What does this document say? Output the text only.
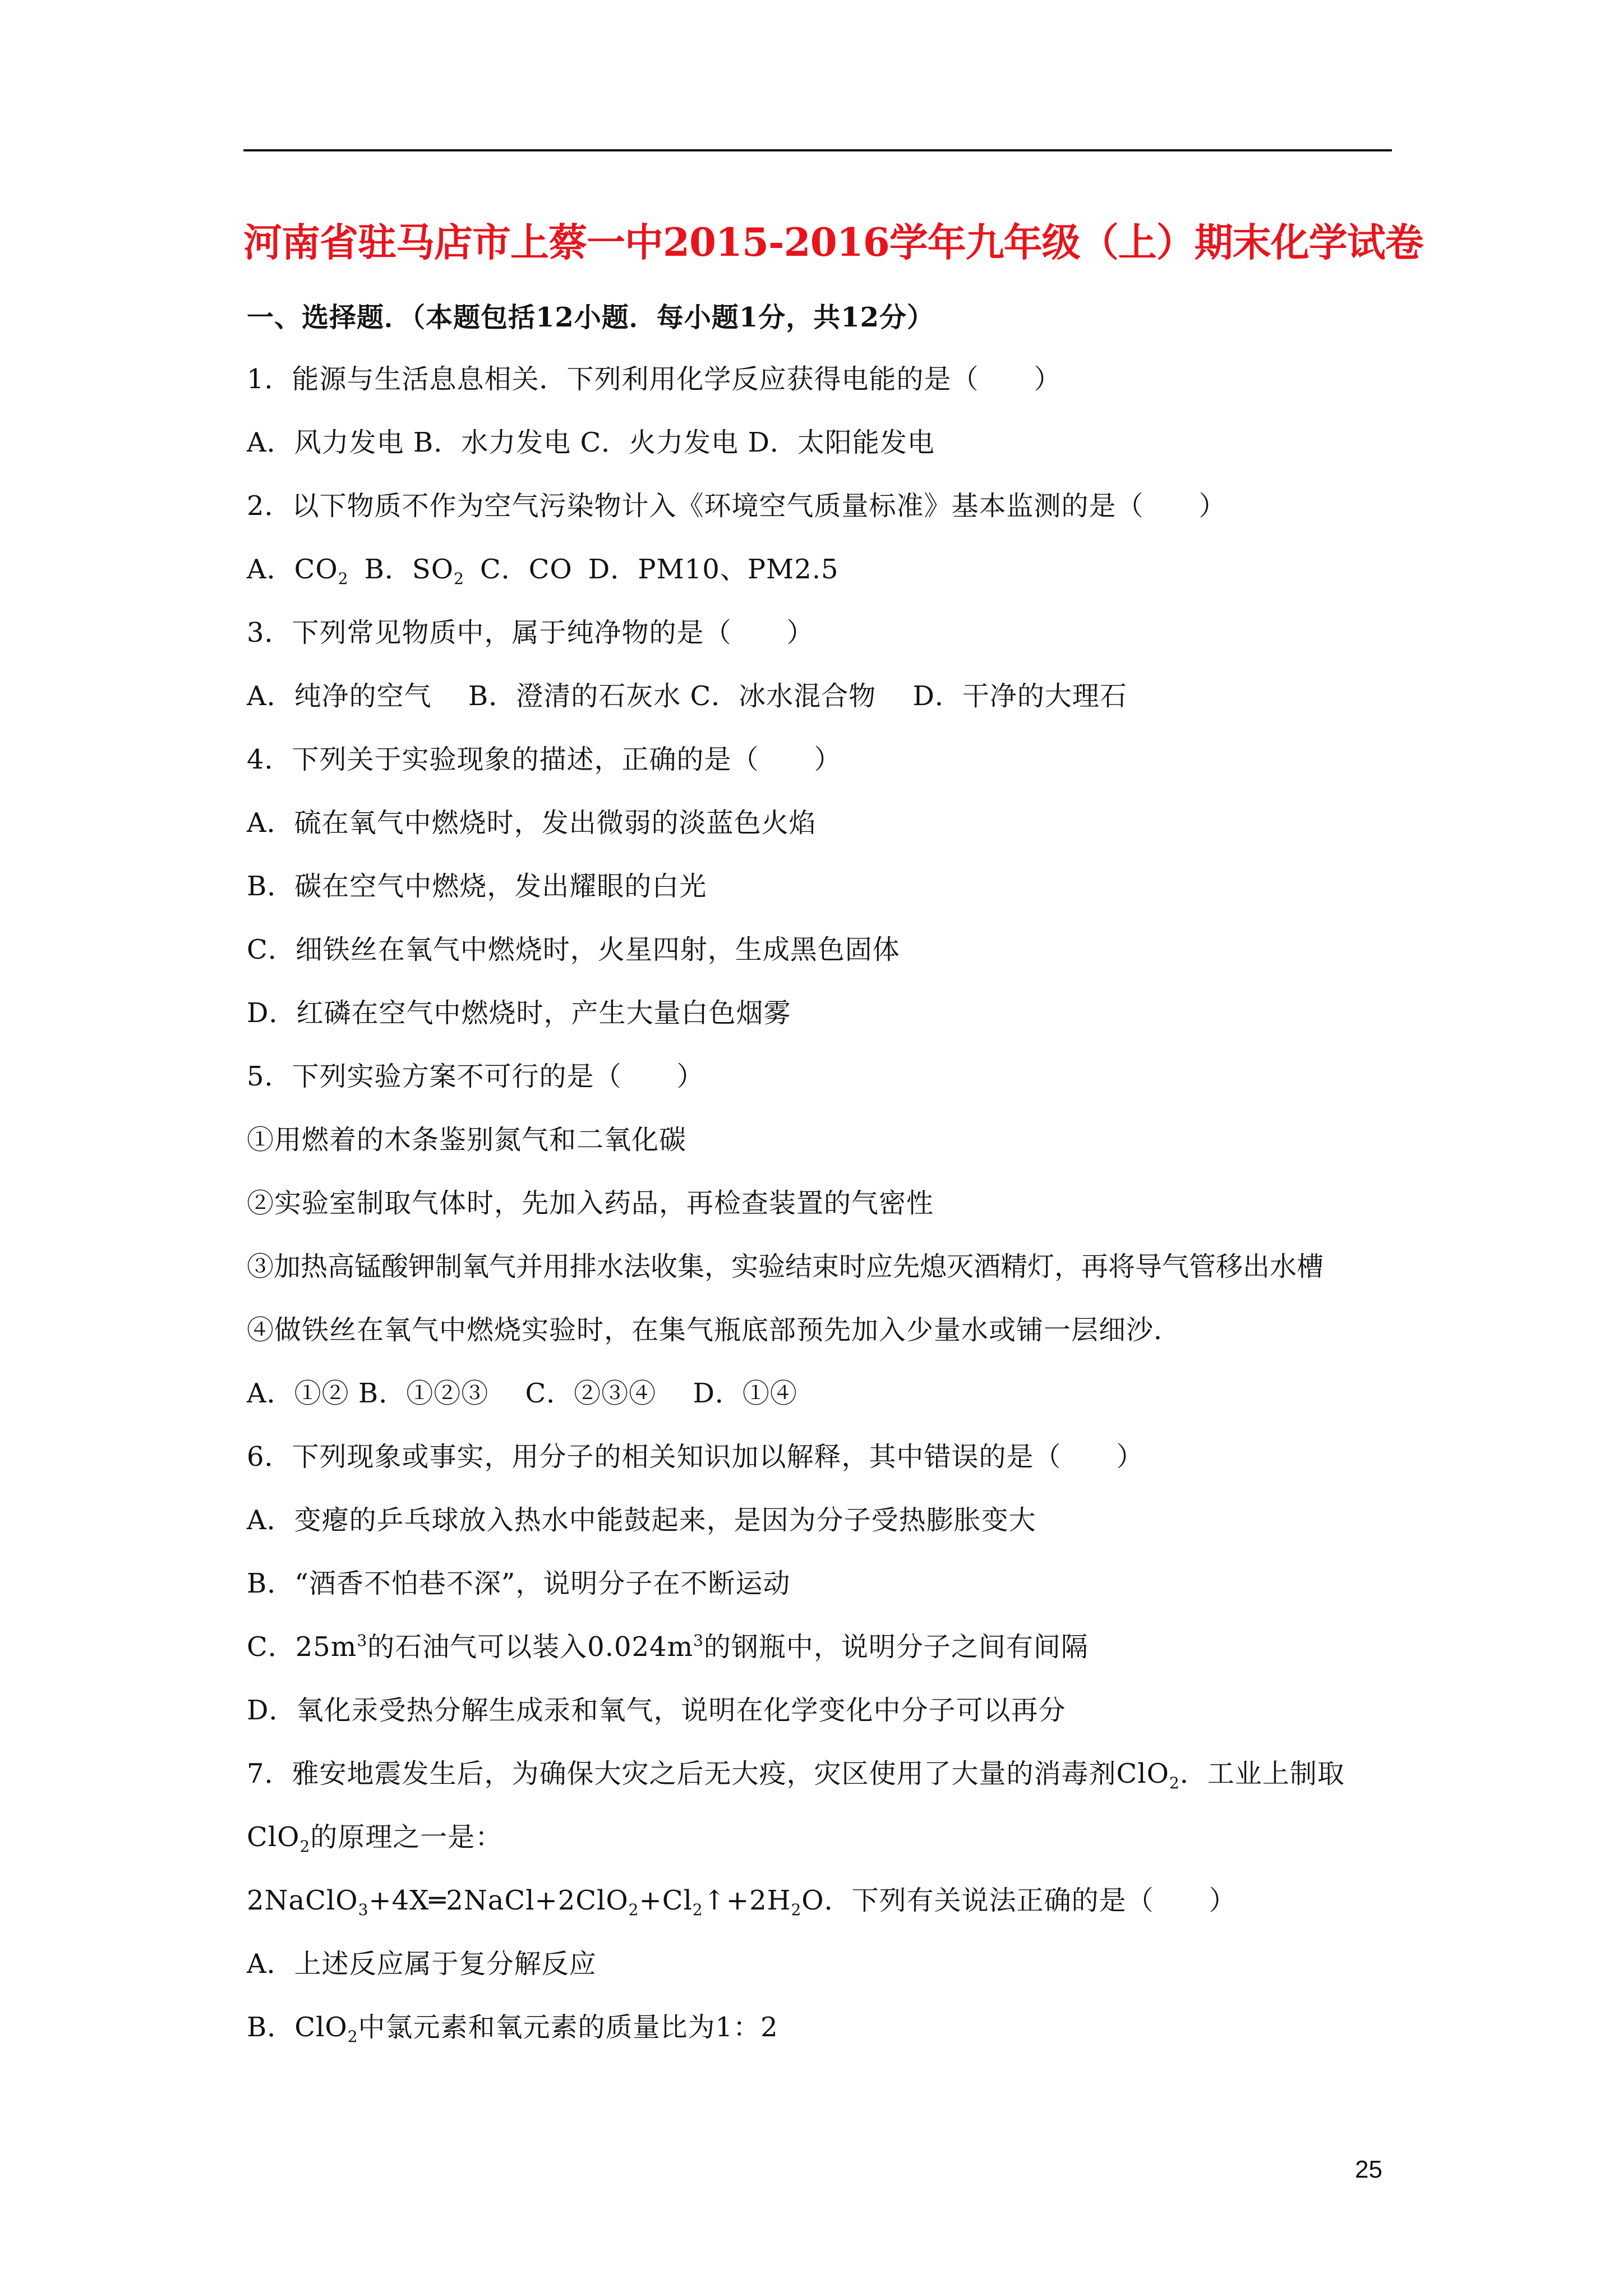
河南省驻马店市上蔡一中2015-2016学年九年级（上）期末化学试卷
一、选择题．（本题包括12小题．每小题1分，共12分）
1．能源与生活息息相关．下列利用化学反应获得电能的是（　　）
A．风力发电 B．水力发电 C．火力发电 D．太阳能发电
2．以下物质不作为空气污染物计入《环境空气质量标准》基本监测的是（　　）
A．$CO_2$ B．$SO_2$ C．CO D．PM10、PM2.5
3．下列常见物质中，属于纯净物的是（　　）
A．纯净的空气　 B．澄清的石灰水 C．冰水混合物　 D．干净的大理石
4．下列关于实验现象的描述，正确的是（　　）
A．硫在氧气中燃烧时，发出微弱的淡蓝色火焰
B．碳在空气中燃烧，发出耀眼的白光
C．细铁丝在氧气中燃烧时，火星四射，生成黑色固体
D．红磷在空气中燃烧时，产生大量白色烟雾
5．下列实验方案不可行的是（　　）
①用燃着的木条鉴别氮气和二氧化碳
②实验室制取气体时，先加入药品，再检查装置的气密性
③加热高锰酸钾制氧气并用排水法收集，实验结束时应先熄灭酒精灯，再将导气管移出水槽
④做铁丝在氧气中燃烧实验时，在集气瓶底部预先加入少量水或铺一层细沙．
A．①② B．①②③　 C．②③④　 D．①④
6．下列现象或事实，用分子的相关知识加以解释，其中错误的是（　　）
A．变瘪的乒乓球放入热水中能鼓起来，是因为分子受热膨胀变大
B．“酒香不怕巷不深”，说明分子在不断运动
C．$25m^3$的石油气可以装入$0.024m^3$的钢瓶中，说明分子之间有间隔
D．氧化汞受热分解生成汞和氧气，说明在化学变化中分子可以再分
7．雅安地震发生后，为确保大灾之后无大疫，灾区使用了大量的消毒剂ClO$_2$．工业上制取
ClO$_2$的原理之一是：
$2NaClO_3+4X═2NaCl+2ClO_2+Cl_2↑+2H_2O$．下列有关说法正确的是（　　）
A．上述反应属于复分解反应
B．ClO$_2$中氯元素和氧元素的质量比为1：2
25
